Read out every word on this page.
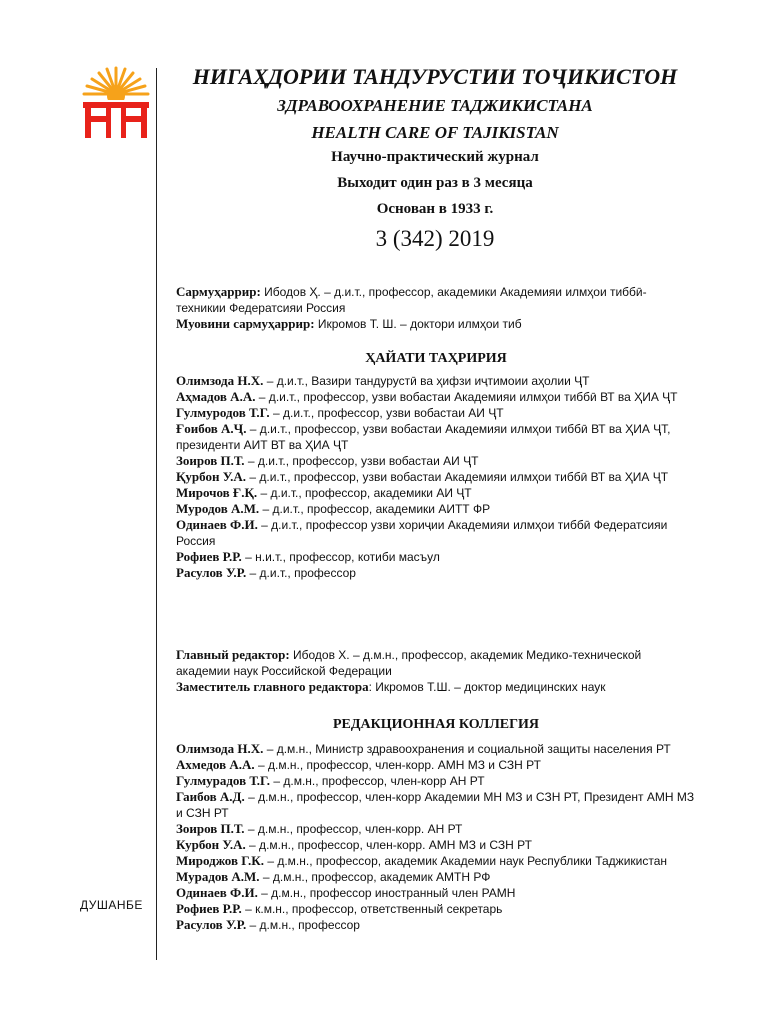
НИГАҲДОРИИ ТАНДУРУСТИИ ТОҶИКИСТОН
ЗДРАВООХРАНЕНИЕ ТАДЖИКИСТАНА
HEALTH CARE OF TAJIKISTAN
Научно-практический журнал
Выходит один раз в 3 месяца
Основан в 1933 г.
3 (342) 2019

Сармуҳаррир: Ибодов Ҳ. – д.и.т., профессор, академики Академияи илмҳои тиббӣ-техникии Федератсияи Россия

Муовини сармуҳаррир: Икромов Т. Ш. – доктори илмҳои тиб

ҲАЙАТИ ТАҲРИРИЯ

Олимзода Н.Х. – д.и.т., Вазири тандурустӣ ва ҳифзи иҷтимоии аҳолии ҶТ

Аҳмадов А.А. – д.и.т., профессор, узви вобастаи Академияи илмҳои тиббӣ ВТ ва ҲИА ҶТ

Гулмуродов Т.Г. – д.и.т., профессор, узви вобастаи АИ ҶТ

Ғоибов А.Ҷ. – д.и.т., профессор, узви вобастаи Академияи илмҳои тиббӣ ВТ ва ҲИА ҶТ, президенти АИТ ВТ ва ҲИА ҶТ

Зоиров П.Т. – д.и.т., профессор, узви вобастаи АИ ҶТ

Қурбон У.А. – д.и.т., профессор, узви вобастаи Академияи илмҳои тиббӣ ВТ ва ҲИА ҶТ

Мирочов Ғ.Қ. – д.и.т., профессор, академики АИ ҶТ

Муродов А.М. – д.и.т., профессор, академики АИТТ ФР

Одинаев Ф.И. – д.и.т., профессор узви хориҷии Академияи илмҳои тиббӣ Федератсияи Россия

Рофиев Р.Р. – н.и.т., профессор, котиби масъул

Расулов У.Р. – д.и.т., профессор

Главный редактор: Ибодов Х. – д.м.н., профессор, академик Медико-технической академии наук Российской Федерации

Заместитель главного редактора: Икромов Т.Ш. – доктор медицинских наук

РЕДАКЦИОННАЯ КОЛЛЕГИЯ

Олимзода Н.Х. – д.м.н., Министр здравоохранения и социальной защиты населения РТ

Ахмедов А.А. – д.м.н., профессор, член-корр. АМН МЗ и СЗН РТ

Гулмурадов Т.Г. – д.м.н., профессор, член-корр АН РТ

Гаибов А.Д. – д.м.н., профессор, член-корр Академии МН МЗ и СЗН РТ, Президент АМН МЗ и СЗН РТ

Зоиров П.Т. – д.м.н., профессор, член-корр. АН РТ

Курбон У.А. – д.м.н., профессор, член-корр. АМН МЗ и СЗН РТ

Мироджов Г.К. – д.м.н., профессор, академик Академии наук Республики Таджикистан

Мурадов А.М. – д.м.н., профессор, академик АМТН РФ

Одинаев Ф.И. – д.м.н., профессор иностранный член РАМН

Рофиев Р.Р. – к.м.н., профессор, ответственный секретарь

Расулов У.Р. – д.м.н., профессор

ДУШАНБЕ
